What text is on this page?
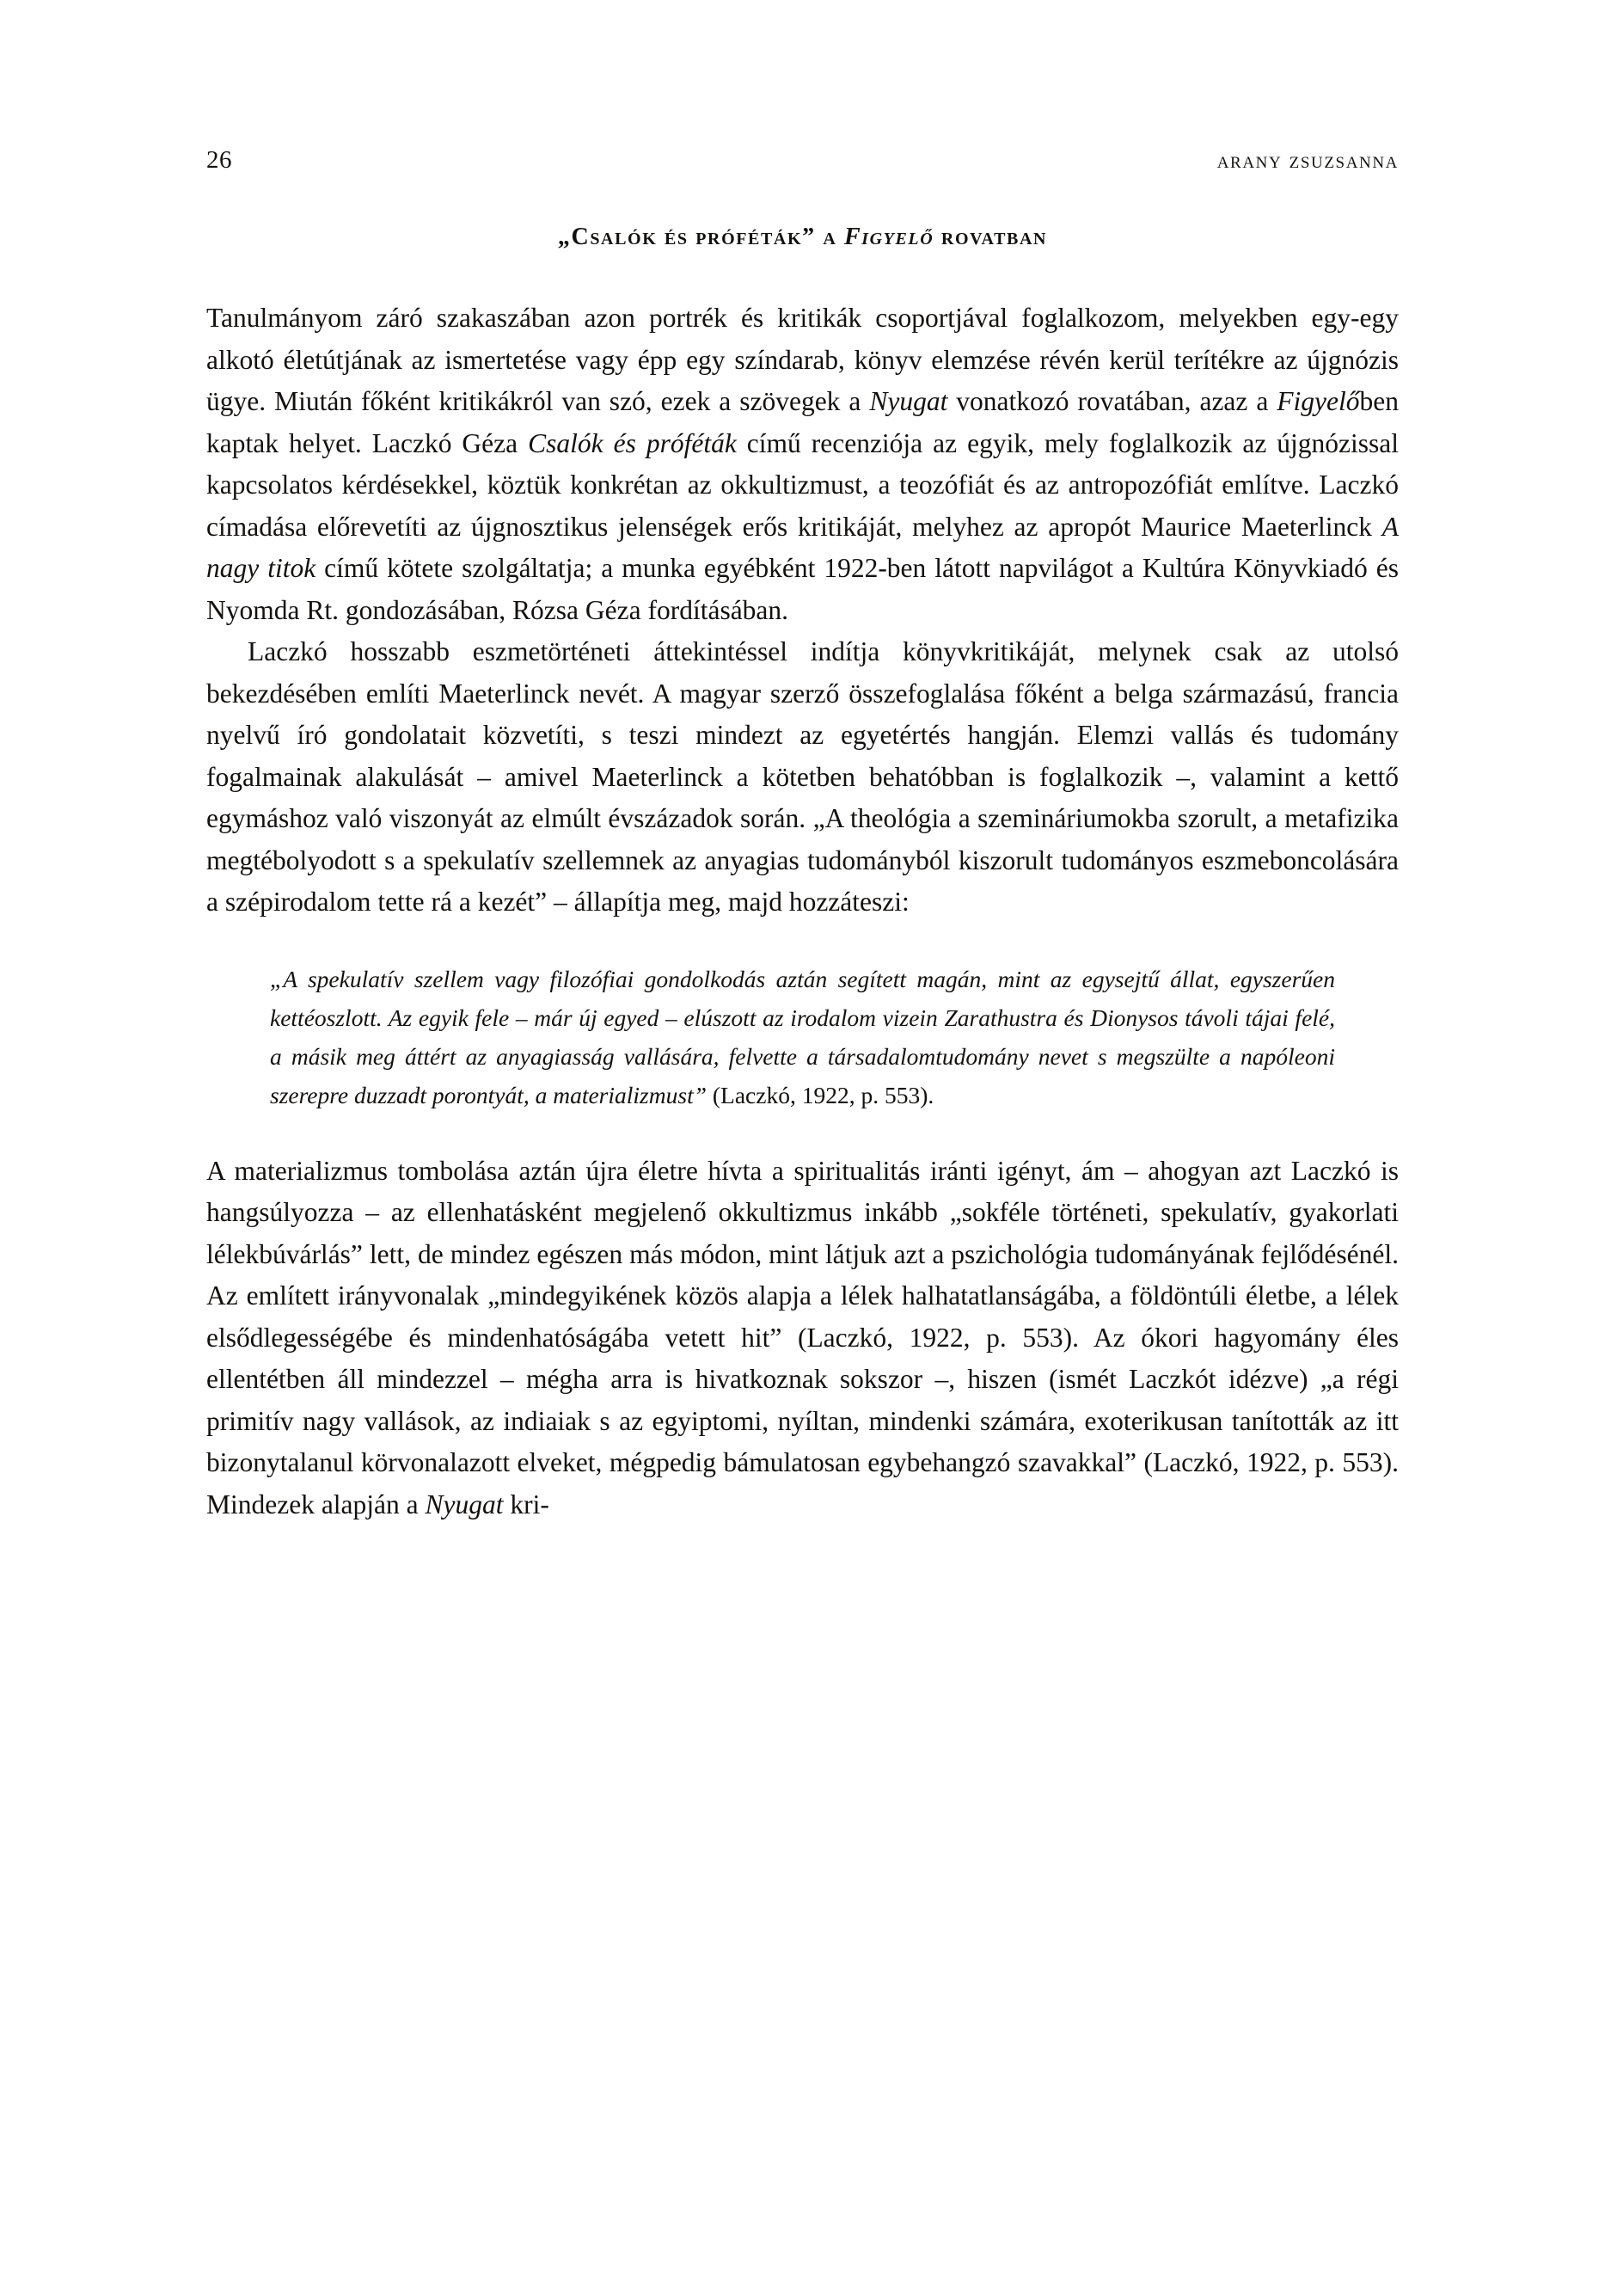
26	arany zsuzsanna
„Csalók és próféták” a Figyelő rovatban

Tanulmányom záró szakaszában azon portrék és kritikák csoportjával foglalkozom, melyekben egy-egy alkotó életútjának az ismertetése vagy épp egy színdarab, könyv elemzése révén kerül terítékre az újgnózis ügye. Miután főként kritikákról van szó, ezek a szövegek a Nyugat vonatkozó rovatában, azaz a Figyelőben kaptak helyet. Laczkó Géza Csalók és próféták című recenziója az egyik, mely foglalkozik az újgnózissal kapcsolatos kérdésekkel, köztük konkrétan az okkultizmust, a teozófiát és az antropozófiát említve. Laczkó címadása előrevetíti az újgnosztikus jelenségek erős kritikáját, melyhez az apropót Maurice Maeterlinck A nagy titok című kötete szolgáltatja; a munka egyébként 1922-ben látott napvilágot a Kultúra Könyvkiadó és Nyomda Rt. gondozásában, Rózsa Géza fordításában.

Laczkó hosszabb eszmetörténeti áttekintéssel indítja könyvkritikáját, melynek csak az utolsó bekezdésében említi Maeterlinck nevét. A magyar szerző összefoglalása főként a belga származású, francia nyelvű író gondolatait közvetíti, s teszi mindezt az egyetértés hangján. Elemzi vallás és tudomány fogalmainak alakulását – amivel Maeterlinck a kötetben behatóbban is foglalkozik –, valamint a kettő egymáshoz való viszonyát az elmúlt évszázadok során. „A theológia a szemináriumokba szorult, a metafizika megtébolyodott s a spekulatív szellemnek az anyagias tudományból kiszorult tudományos eszmeboncolására a szépirodalom tette rá a kezét” – állapítja meg, majd hozzáteszi:

„A spekulatív szellem vagy filozófiai gondolkodás aztán segített magán, mint az egysejtű állat, egyszerűen kettéoszlott. Az egyik fele – már új egyed – elúszott az irodalom vizein Zarathustra és Dionysos távoli tájai felé, a másik meg áttért az anyagiasság vallására, felvette a társadalomtudomány nevet s megszülte a napóleoni szerepre duzzadt porontyát, a materializmust” (Laczkó, 1922, p. 553).

A materializmus tombolása aztán újra életre hívta a spiritualitás iránti igényt, ám – ahogyan azt Laczkó is hangsúlyozza – az ellenhatásként megjelenő okkultizmus inkább „sokféle történeti, spekulatív, gyakorlati lélekbúvárlás” lett, de mindez egészen más módon, mint látjuk azt a pszichológia tudományának fejlődésénél. Az említett irányvonalak „mindegyikének közös alapja a lélek halhatatlanságába, a földöntúli életbe, a lélek elsődlegességébe és mindenhatóságába vetett hit” (Laczkó, 1922, p. 553). Az ókori hagyomány éles ellentétben áll mindezzel – mégha arra is hivatkoznak sokszor –, hiszen (ismét Laczkót idézve) „a régi primitív nagy vallások, az indiaiak s az egyiptomi, nyíltan, mindenki számára, exoterikusan tanították az itt bizonytalanul körvonalazott elveket, mégpedig bámulatosan egybehangzó szavakkal” (Laczkó, 1922, p. 553). Mindezek alapján a Nyugat kri-
